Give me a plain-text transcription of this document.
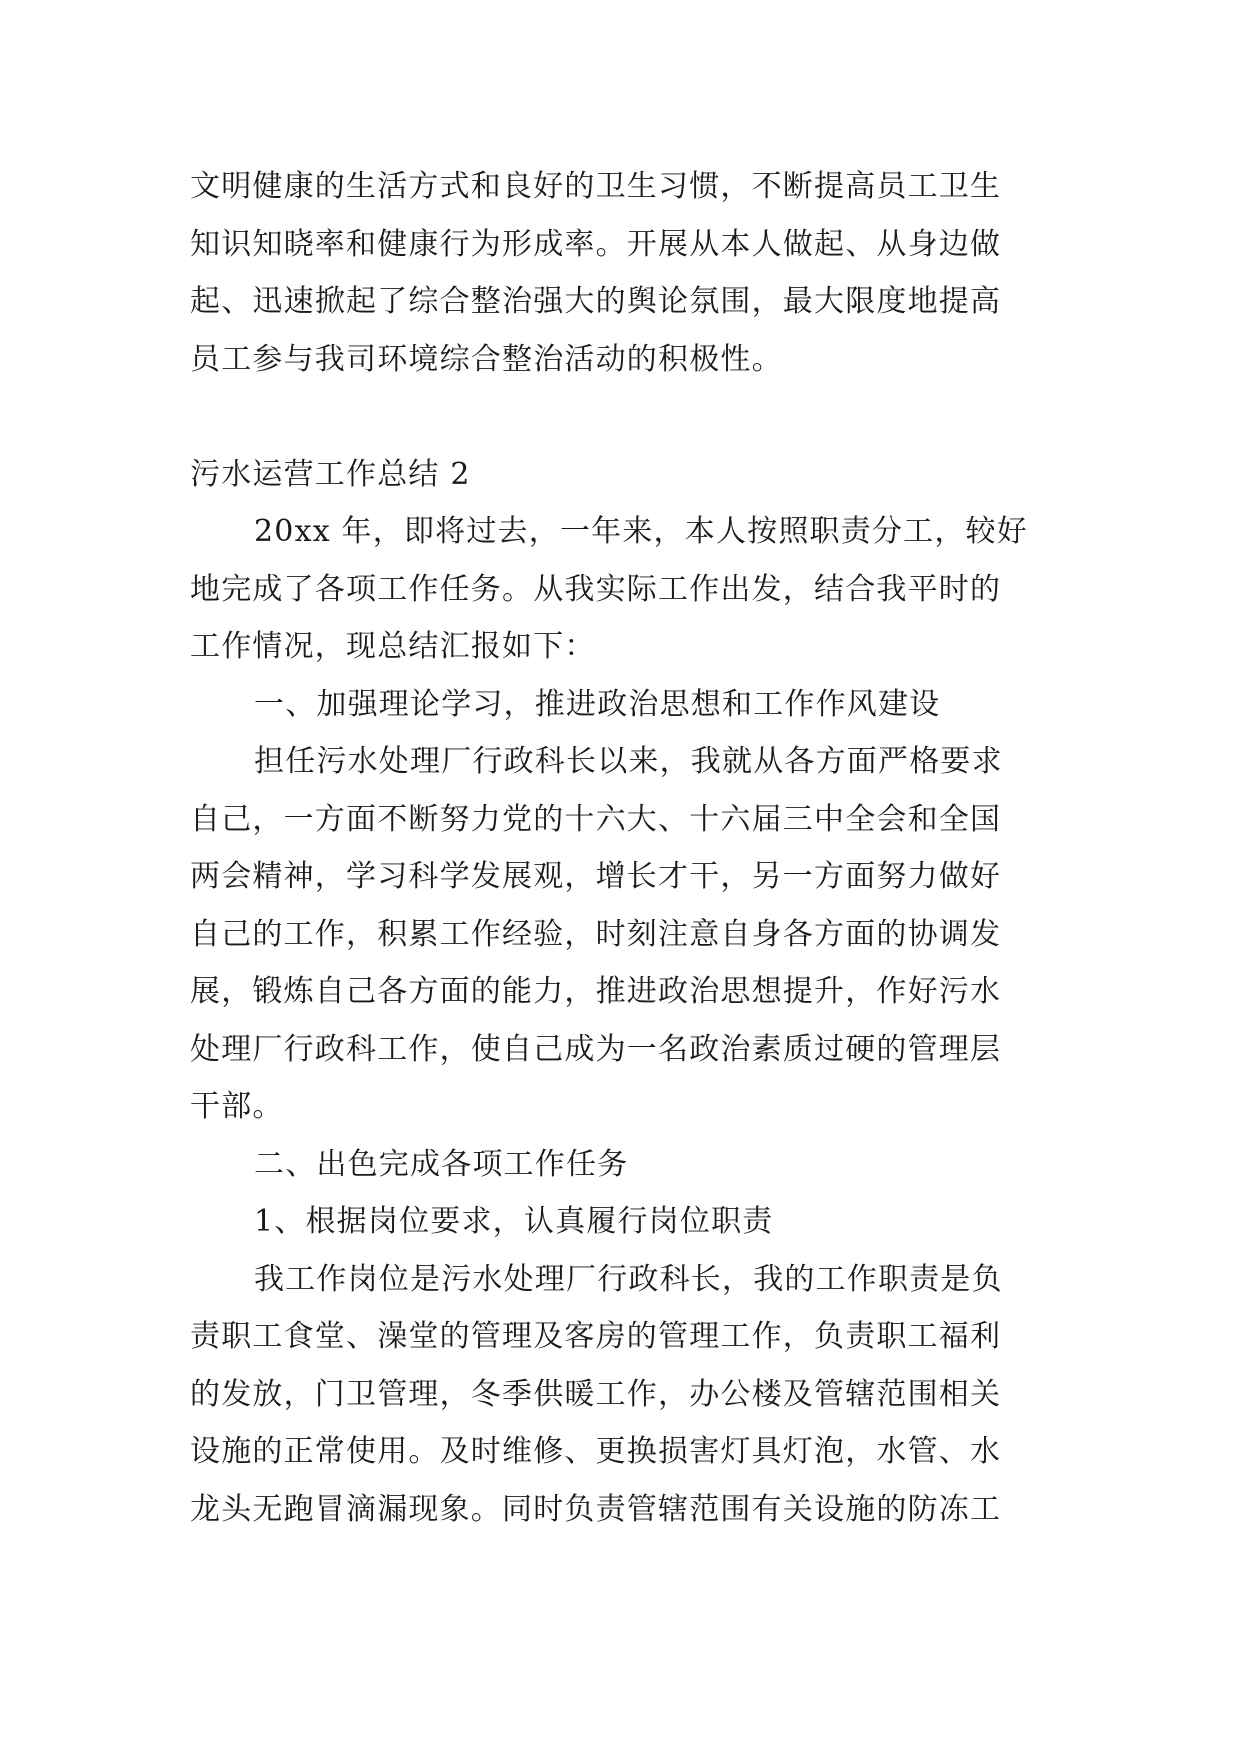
文明健康的生活方式和良好的卫生习惯，不断提高员工卫生
知识知晓率和健康行为形成率。开展从本人做起、从身边做
起、迅速掀起了综合整治强大的舆论氛围，最大限度地提高
员工参与我司环境综合整治活动的积极性。
污水运营工作总结 2
20xx 年，即将过去，一年来，本人按照职责分工，较好
地完成了各项工作任务。从我实际工作出发，结合我平时的
工作情况，现总结汇报如下：
一、加强理论学习，推进政治思想和工作作风建设
担任污水处理厂行政科长以来，我就从各方面严格要求
自己，一方面不断努力党的十六大、十六届三中全会和全国
两会精神，学习科学发展观，增长才干，另一方面努力做好
自己的工作，积累工作经验，时刻注意自身各方面的协调发
展，锻炼自己各方面的能力，推进政治思想提升，作好污水
处理厂行政科工作，使自己成为一名政治素质过硬的管理层
干部。
二、出色完成各项工作任务
1、根据岗位要求，认真履行岗位职责
我工作岗位是污水处理厂行政科长，我的工作职责是负
责职工食堂、澡堂的管理及客房的管理工作，负责职工福利
的发放，门卫管理，冬季供暖工作，办公楼及管辖范围相关
设施的正常使用。及时维修、更换损害灯具灯泡，水管、水
龙头无跑冒滴漏现象。同时负责管辖范围有关设施的防冻工
